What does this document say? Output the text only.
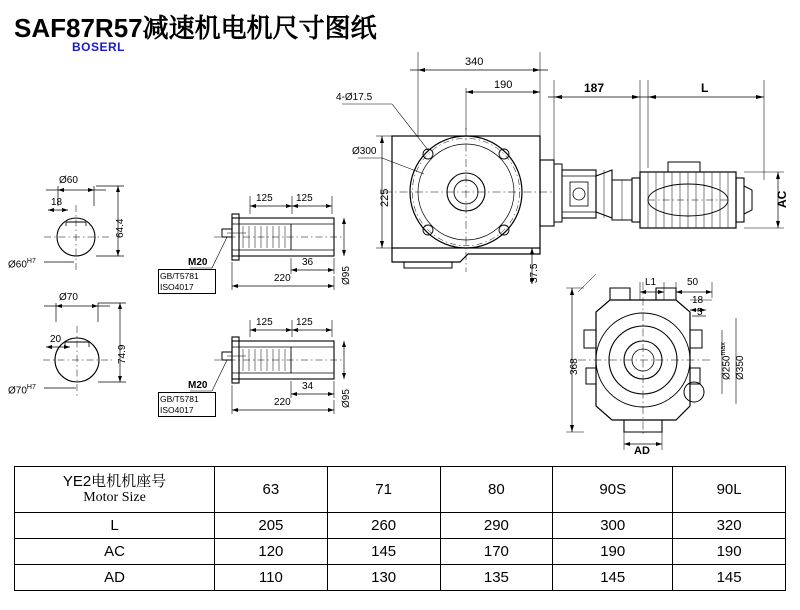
SAF87R57减速机电机尺寸图纸
BOSERL
Ø60
64.4
18
$Ø60^{H7}$
Ø70
74.9
20
$Ø70^{H7}$
125 125
36
220	Ø95
M20
GB/T5781
ISO4017
125 125
34
220	Ø95
M20
GB/T5781
ISO4017
340
190	187	L
4-Ø17.5
Ø300
225
37.5
AC
L1	50
18
5
368	$Ø250^{max}$
Ø350
AD
YE2电机机座号
Motor Size	63	71	80	90S	90L
L	205	260	290	300	320
AC	120	145	170	190	190
AD	110	130	135	145	145
